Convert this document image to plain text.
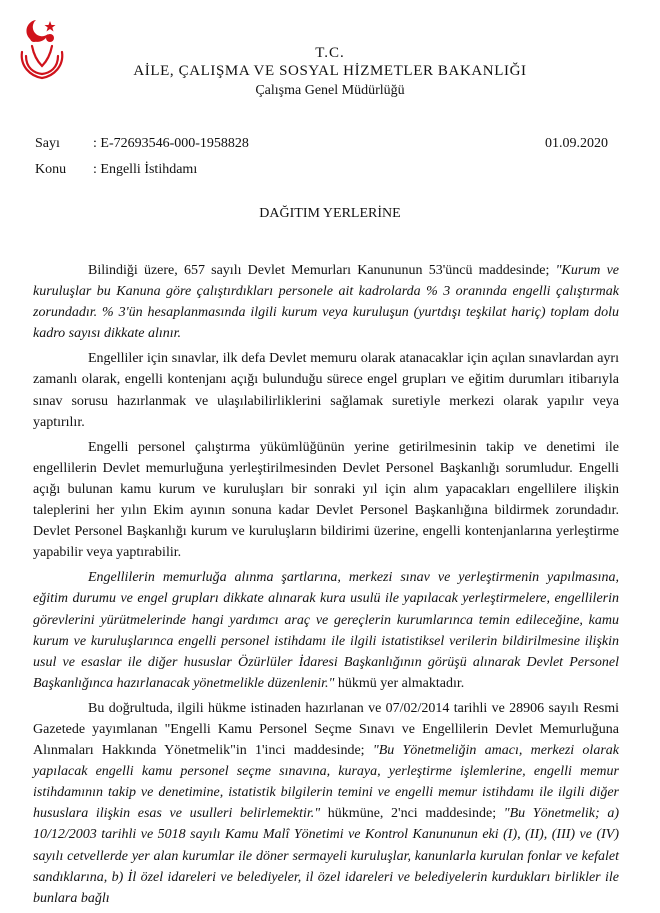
T.C.
AİLE, ÇALIŞMA VE SOSYAL HİZMETLER BAKANLIĞI
Çalışma Genel Müdürlüğü
Sayı : E-72693546-000-1958828	01.09.2020
Konu : Engelli İstihdamı
DAĞITIM YERLERİNE

Bilindiği üzere, 657 sayılı Devlet Memurları Kanununun 53'üncü maddesinde; "Kurum ve kuruluşlar bu Kanuna göre çalıştırdıkları personele ait kadrolarda % 3 oranında engelli çalıştırmak zorundadır. % 3'ün hesaplanmasında ilgili kurum veya kuruluşun (yurtdışı teşkilat hariç) toplam dolu kadro sayısı dikkate alınır.

Engelliler için sınavlar, ilk defa Devlet memuru olarak atanacaklar için açılan sınavlardan ayrı zamanlı olarak, engelli kontenjanı açığı bulunduğu sürece engel grupları ve eğitim durumları itibarıyla sınav sorusu hazırlanmak ve ulaşılabilirliklerini sağlamak suretiyle merkezi olarak yapılır veya yaptırılır.

Engelli personel çalıştırma yükümlüğünün yerine getirilmesinin takip ve denetimi ile engellilerin Devlet memurluğuna yerleştirilmesinden Devlet Personel Başkanlığı sorumludur. Engelli açığı bulunan kamu kurum ve kuruluşları bir sonraki yıl için alım yapacakları engellilere ilişkin taleplerini her yılın Ekim ayının sonuna kadar Devlet Personel Başkanlığına bildirmek zorundadır. Devlet Personel Başkanlığı kurum ve kuruluşların bildirimi üzerine, engelli kontenjanlarına yerleştirme yapabilir veya yaptırabilir.

Engellilerin memurluğa alınma şartlarına, merkezi sınav ve yerleştirmenin yapılmasına, eğitim durumu ve engel grupları dikkate alınarak kura usulü ile yapılacak yerleştirmelere, engellilerin görevlerini yürütmelerinde hangi yardımcı araç ve gereçlerin kurumlarınca temin edileceğine, kamu kurum ve kuruluşlarınca engelli personel istihdamı ile ilgili istatistiksel verilerin bildirilmesine ilişkin usul ve esaslar ile diğer hususlar Özürlüler İdaresi Başkanlığının görüşü alınarak Devlet Personel Başkanlığınca hazırlanacak yönetmelikle düzenlenir." hükmü yer almaktadır.

Bu doğrultuda, ilgili hükme istinaden hazırlanan ve 07/02/2014 tarihli ve 28906 sayılı Resmi Gazetede yayımlanan "Engelli Kamu Personel Seçme Sınavı ve Engellilerin Devlet Memurluğuna Alınmaları Hakkında Yönetmelik"in 1'inci maddesinde; "Bu Yönetmeliğin amacı, merkezi olarak yapılacak engelli kamu personel seçme sınavına, kuraya, yerleştirme işlemlerine, engelli memur istihdamının takip ve denetimine, istatistik bilgilerin temini ve engelli memur istihdamı ile ilgili diğer hususlara ilişkin esas ve usulleri belirlemektir." hükmüne, 2'nci maddesinde; "Bu Yönetmelik; a) 10/12/2003 tarihli ve 5018 sayılı Kamu Malî Yönetimi ve Kontrol Kanununun eki (I), (II), (III) ve (IV) sayılı cetvellerde yer alan kurumlar ile döner sermayeli kuruluşlar, kanunlarla kurulan fonlar ve kefalet sandıklarına, b) İl özel idareleri ve belediyeler, il özel idareleri ve belediyelerin kurdukları birlikler ile bunlara bağlı
